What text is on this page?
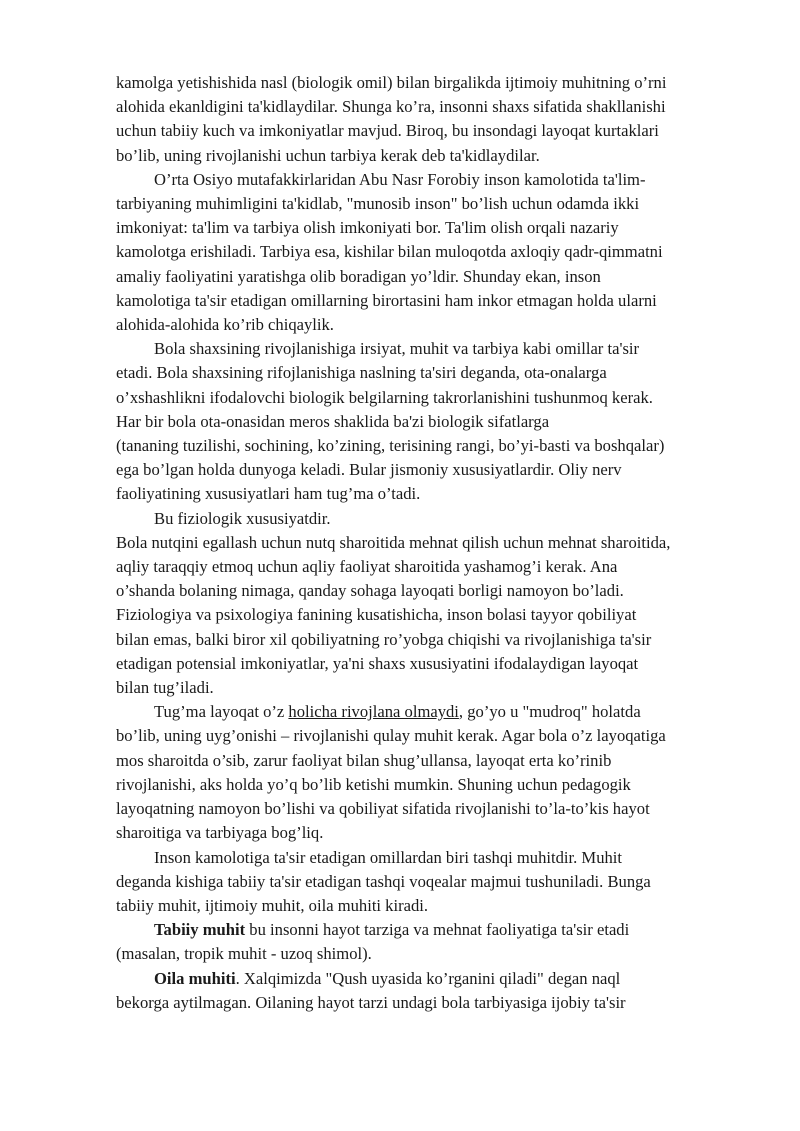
kamolga yetishishida nasl (biologik omil) bilan birgalikda ijtimoiy muhitning o’rni
alohida ekanldigini ta'kidlaydilar. Shunga ko’ra, insonni shaxs sifatida shakllanishi
uchun tabiiy kuch va imkoniyatlar mavjud. Biroq, bu insondagi layoqat kurtaklari
bo’lib, uning rivojlanishi uchun tarbiya kerak deb ta'kidlaydilar.
O’rta Osiyo mutafakkirlaridan Abu Nasr Forobiy inson kamolotida ta'lim-
tarbiyaning muhimligini ta'kidlab, "munosib inson" bo’lish uchun odamda ikki
imkoniyat: ta'lim va tarbiya olish imkoniyati bor. Ta'lim olish orqali nazariy
kamolotga erishiladi. Tarbiya esa, kishilar bilan muloqotda axloqiy qadr-qimmatni
amaliy faoliyatini yaratishga olib boradigan yo’ldir. Shunday ekan, inson
kamolotiga ta'sir etadigan omillarning birortasini ham inkor etmagan holda ularni
alohida-alohida ko’rib chiqaylik.
Bola shaxsining rivojlanishiga irsiyat, muhit va tarbiya kabi omillar ta'sir
etadi. Bola shaxsining rifojlanishiga naslning ta'siri deganda, ota-onalarga
o’xshashlikni ifodalovchi biologik belgilarning takrorlanishini tushunmoq kerak.
Har bir bola ota-onasidan meros shaklida ba'zi biologik sifatlarga
(tananing tuzilishi, sochining, ko’zining, terisining rangi, bo’yi-basti va boshqalar)
ega bo’lgan holda dunyoga keladi. Bular jismoniy xususiyatlardir. Oliy nerv
faoliyatining xususiyatlari ham tug’ma o’tadi.
Bu fiziologik xususiyatdir.
Bola nutqini egallash uchun nutq sharoitida mehnat qilish uchun mehnat sharoitida,
aqliy taraqqiy etmoq uchun aqliy faoliyat sharoitida yashamog’i kerak. Ana
o’shanda bolaning nimaga, qanday sohaga layoqati borligi namoyon bo’ladi.
Fiziologiya va psixologiya fanining kusatishicha, inson bolasi tayyor qobiliyat
bilan emas, balki biror xil qobiliyatning ro’yobga chiqishi va rivojlanishiga ta'sir
etadigan potensial imkoniyatlar, ya'ni shaxs xususiyatini ifodalaydigan layoqat
bilan tug’iladi.
Tug’ma layoqat o’z holicha rivojlana olmaydi, go’yo u "mudroq" holatda
bo’lib, uning uyg’onishi – rivojlanishi qulay muhit kerak. Agar bola o’z layoqatiga
mos sharoitda o’sib, zarur faoliyat bilan shug’ullansa, layoqat erta ko’rinib
rivojlanishi, aks holda yo’q bo’lib ketishi mumkin. Shuning uchun pedagogik
layoqatning namoyon bo’lishi va qobiliyat sifatida rivojlanishi to’la-to’kis hayot
sharoitiga va tarbiyaga bog’liq.
Inson kamolotiga ta'sir etadigan omillardan biri tashqi muhitdir. Muhit
deganda kishiga tabiiy ta'sir etadigan tashqi voqealar majmui tushuniladi. Bunga
tabiiy muhit, ijtimoiy muhit, oila muhiti kiradi.
Tabiiy muhit bu insonni hayot tarziga va mehnat faoliyatiga ta'sir etadi
(masalan, tropik muhit - uzoq shimol).
Oila muhiti. Xalqimizda "Qush uyasida ko’rganini qiladi" degan naql
bekorga aytilmagan. Oilaning hayot tarzi undagi bola tarbiyasiga ijobiy ta'sir
